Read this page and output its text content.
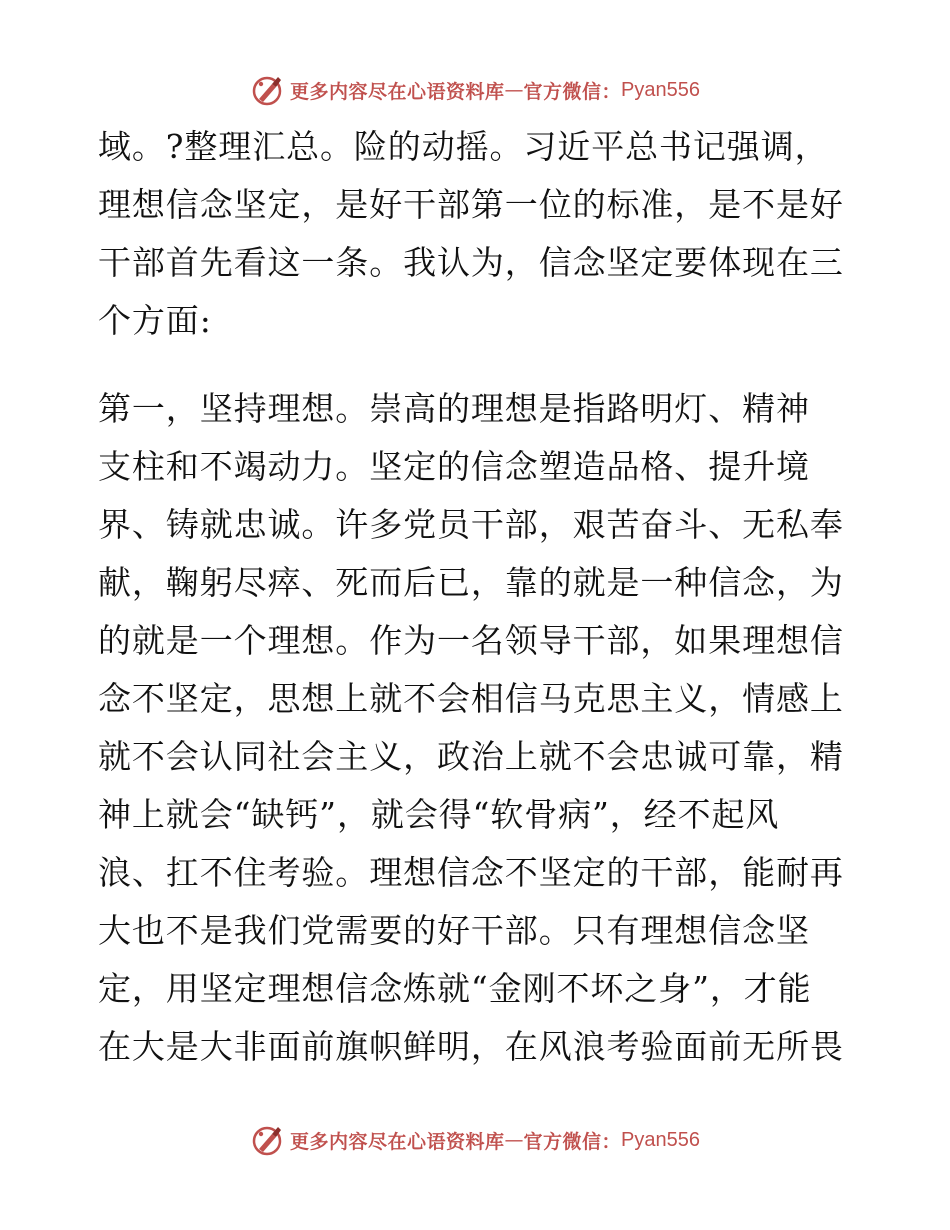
更多内容尽在心语资料库 — 官方微信： Pyan556
域。?整理汇总。险的动摇。习近平总书记强调，
理想信念坚定，是好干部第一位的标准，是不是好
干部首先看这一条。我认为，信念坚定要体现在三
个方面:
第一，坚持理想。崇高的理想是指路明灯、精神
支柱和不竭动力。坚定的信念塑造品格、提升境
界、铸就忠诚。许多党员干部，艰苦奋斗、无私奉
献，鞠躬尽瘁、死而后已，靠的就是一种信念，为
的就是一个理想。作为一名领导干部，如果理想信
念不坚定，思想上就不会相信马克思主义，情感上
就不会认同社会主义，政治上就不会忠诚可靠，精
神上就会“缺钙”，就会得“软骨病”，经不起风
浪、扛不住考验。理想信念不坚定的干部，能耐再
大也不是我们党需要的好干部。只有理想信念坚
定，用坚定理想信念炼就“金刚不坏之身”，才能
在大是大非面前旗帜鲜明，在风浪考验面前无所畏
更多内容尽在心语资料库 — 官方微信： Pyan556
